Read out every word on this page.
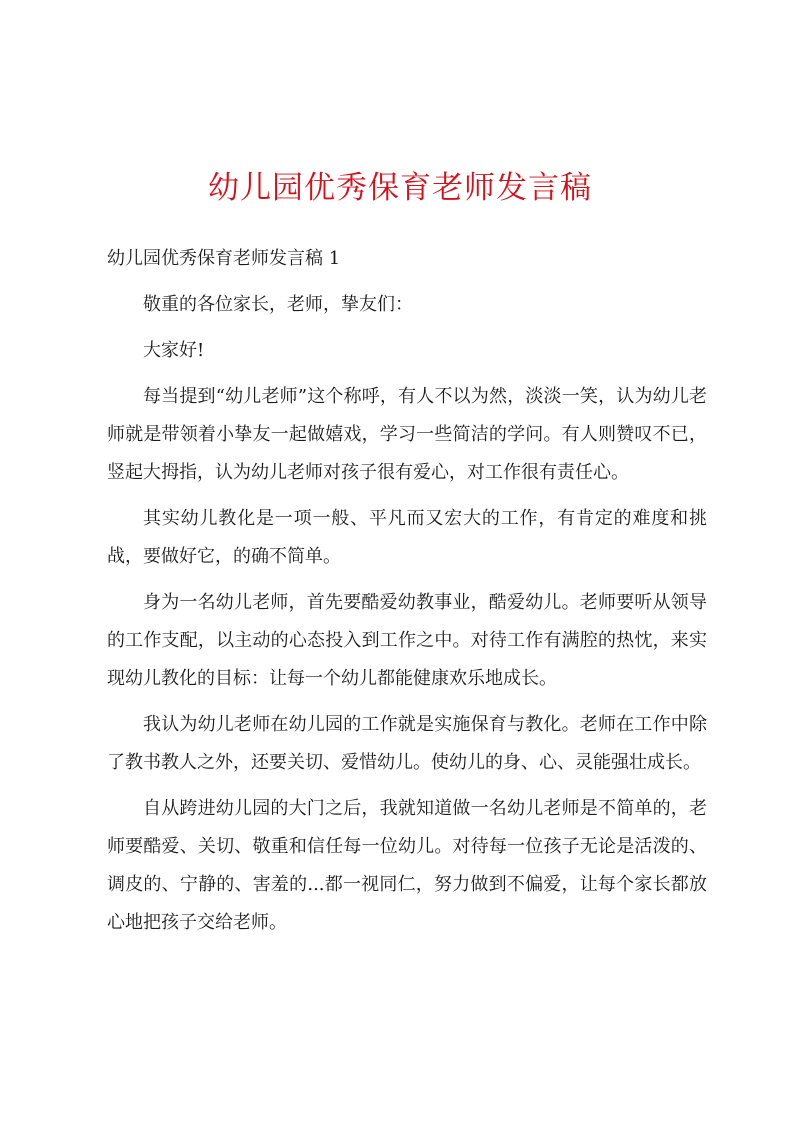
幼儿园优秀保育老师发言稿

幼儿园优秀保育老师发言稿 1

敬重的各位家长，老师，挚友们：

大家好!

每当提到“幼儿老师”这个称呼，有人不以为然，淡淡一笑，认为幼儿老师就是带领着小挚友一起做嬉戏，学习一些简洁的学问。有人则赞叹不已，竖起大拇指，认为幼儿老师对孩子很有爱心，对工作很有责任心。

其实幼儿教化是一项一般、平凡而又宏大的工作，有肯定的难度和挑战，要做好它，的确不简单。

身为一名幼儿老师，首先要酷爱幼教事业，酷爱幼儿。老师要听从领导的工作支配，以主动的心态投入到工作之中。对待工作有满腔的热忱，来实现幼儿教化的目标：让每一个幼儿都能健康欢乐地成长。

我认为幼儿老师在幼儿园的工作就是实施保育与教化。老师在工作中除了教书教人之外，还要关切、爱惜幼儿。使幼儿的身、心、灵能强壮成长。

自从跨进幼儿园的大门之后，我就知道做一名幼儿老师是不简单的，老师要酷爱、关切、敬重和信任每一位幼儿。对待每一位孩子无论是活泼的、调皮的、宁静的、害羞的...都一视同仁，努力做到不偏爱，让每个家长都放心地把孩子交给老师。
